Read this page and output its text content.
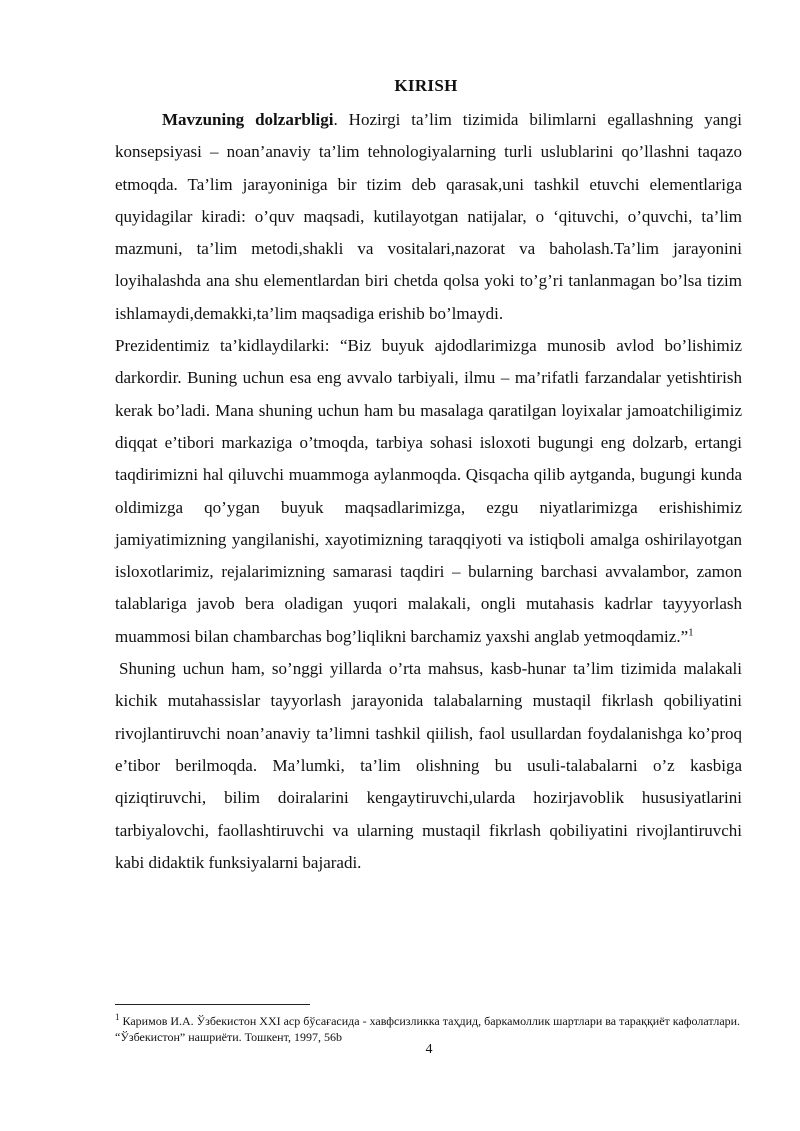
KIRISH

Mavzuning dolzarbligi. Hozirgi ta’lim tizimida bilimlarni egallashning yangi konsepsiyasi – noan’anaviy ta’lim tehnologiyalarning turli uslublarini qo’llashni taqazo etmoqda. Ta’lim jarayoniniga bir tizim deb qarasak,uni tashkil etuvchi elementlariga quyidagilar kiradi: o’quv maqsadi, kutilayotgan natijalar, o ‘qituvchi, o’quvchi, ta’lim mazmuni, ta’lim metodi,shakli va vositalari,nazorat va baholash.Ta’lim jarayonini loyihalashda ana shu elementlardan biri chetda qolsa yoki to’g’ri tanlanmagan bo’lsa tizim ishlamaydi,demakki,ta’lim maqsadiga erishib bo’lmaydi.

Prezidentimiz ta’kidlaydilarki: “Biz buyuk ajdodlarimizga munosib avlod bo’lishimiz darkordir. Buning uchun esa eng avvalo tarbiyali, ilmu – ma’rifatli farzandalar yetishtirish kerak bo’ladi. Mana shuning uchun ham bu masalaga qaratilgan loyixalar jamoatchiligimiz diqqat e’tibori markaziga o’tmoqda, tarbiya sohasi isloxoti bugungi eng dolzarb, ertangi taqdirimizni hal qiluvchi muammoga aylanmoqda. Qisqacha qilib aytganda, bugungi kunda oldimizga qo’ygan buyuk maqsadlarimizga, ezgu niyatlarimizga erishishimiz jamiyatimizning yangilanishi, xayotimizning taraqqiyoti va istiqboli amalga oshirilayotgan isloxotlarimiz, rejalarimizning samarasi taqdiri – bularning barchasi avvalambor, zamon talablariga javob bera oladigan yuqori malakali, ongli mutahasis kadrlar tayyyorlash muammosi bilan chambarchas bog’liqlikni barchamiz yaxshi anglab yetmoqdamiz.”$^1$

Shuning uchun ham, so’nggi yillarda o’rta mahsus, kasb-hunar ta’lim tizimida malakali kichik mutahassislar tayyorlash jarayonida talabalarning mustaqil fikrlash qobiliyatini rivojlantiruvchi noan’anaviy ta’limni tashkil qiilish, faol usullardan foydalanishga ko’proq e’tibor berilmoqda. Ma’lumki, ta’lim olishning bu usuli-talabalarni o’z kasbiga qiziqtiruvchi, bilim doiralarini kengaytiruvchi,ularda hozirjavoblik hususiyatlarini tarbiyalovchi, faollashtiruvchi va ularning mustaqil fikrlash qobiliyatini rivojlantiruvchi kabi didaktik funksiyalarni bajaradi.

$^1$ Каримов И.А. Ўзбекистон XXI аср бўсағасида - хавфсизликка таҳдид, баркамоллик шартлари ва тараққиёт кафолатлари. “Ўзбекистон” нашриёти. Тошкент, 1997, 56b
4
